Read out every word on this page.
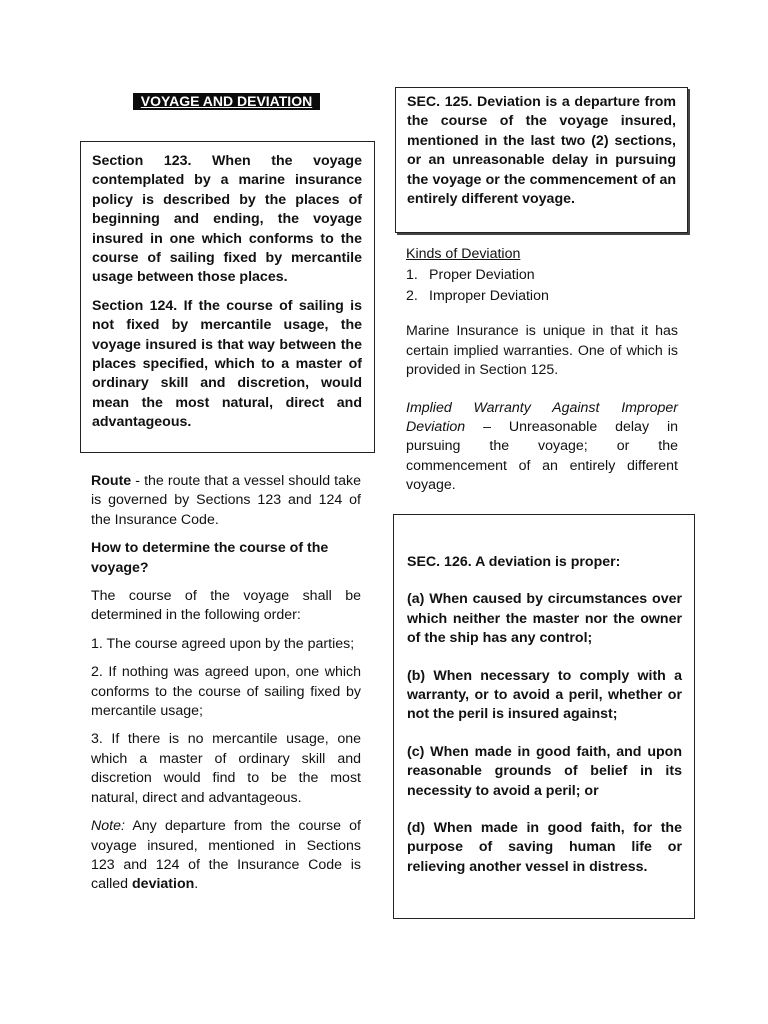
VOYAGE AND DEVIATION

Section 123. When the voyage contemplated by a marine insurance policy is described by the places of beginning and ending, the voyage insured in one which conforms to the course of sailing fixed by mercantile usage between those places.

Section 124. If the course of sailing is not fixed by mercantile usage, the voyage insured is that way between the places specified, which to a master of ordinary skill and discretion, would mean the most natural, direct and advantageous.

Route - the route that a vessel should take is governed by Sections 123 and 124 of the Insurance Code.

How to determine the course of the voyage?

The course of the voyage shall be determined in the following order:

1. The course agreed upon by the parties;

2. If nothing was agreed upon, one which conforms to the course of sailing fixed by mercantile usage;

3. If there is no mercantile usage, one which a master of ordinary skill and discretion would find to be the most natural, direct and advantageous.

Note: Any departure from the course of voyage insured, mentioned in Sections 123 and 124 of the Insurance Code is called deviation.

SEC. 125. Deviation is a departure from the course of the voyage insured, mentioned in the last two (2) sections, or an unreasonable delay in pursuing the voyage or the commencement of an entirely different voyage.

Kinds of Deviation

1. Proper Deviation
2. Improper Deviation

Marine Insurance is unique in that it has certain implied warranties. One of which is provided in Section 125.

Implied Warranty Against Improper Deviation – Unreasonable delay in pursuing the voyage; or the commencement of an entirely different voyage.

SEC. 126. A deviation is proper:

(a) When caused by circumstances over which neither the master nor the owner of the ship has any control;

(b) When necessary to comply with a warranty, or to avoid a peril, whether or not the peril is insured against;

(c) When made in good faith, and upon reasonable grounds of belief in its necessity to avoid a peril; or

(d) When made in good faith, for the purpose of saving human life or relieving another vessel in distress.
